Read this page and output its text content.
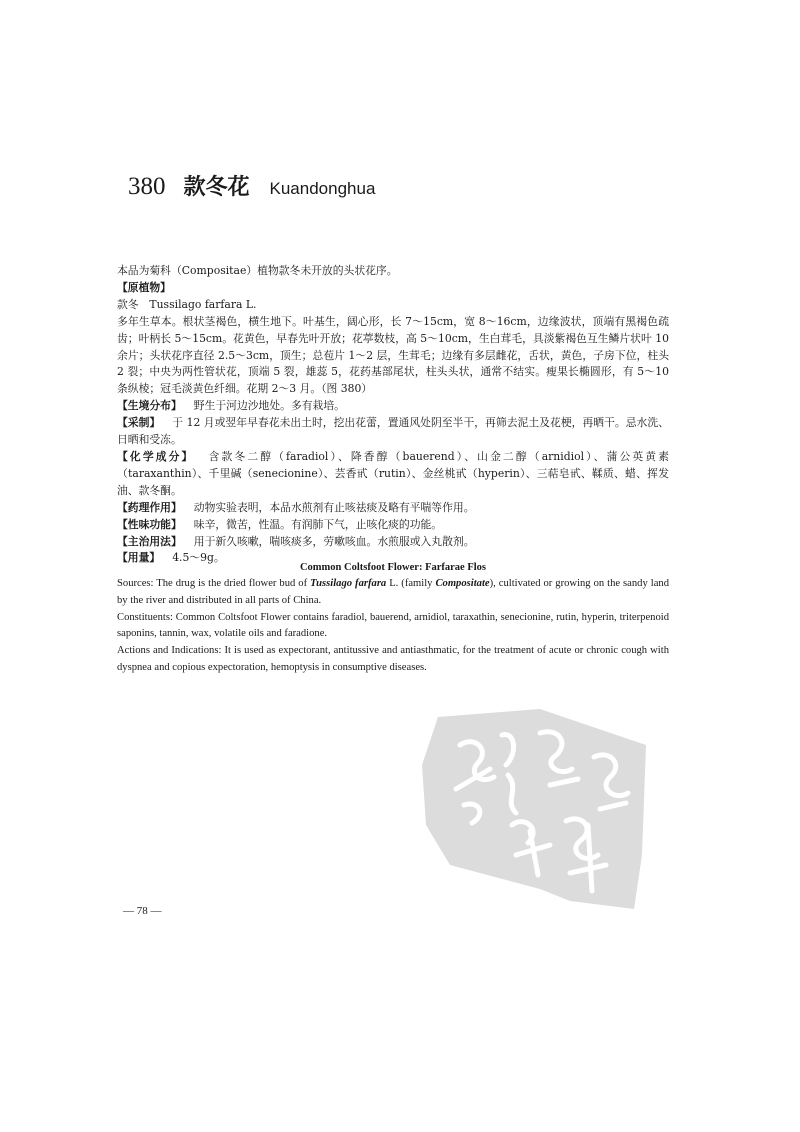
380 款冬花 Kuandonghua

本品为菊科（Compositae）植物款冬未开放的头状花序。

【原植物】

款冬　Tussilago farfara L.

多年生草本。根状茎褐色，横生地下。叶基生，阔心形，长 7～15cm，宽 8～16cm，边缘波状，顶端有黑褐色疏齿；叶柄长 5～15cm。花黄色，早春先叶开放；花葶数枝，高 5～10cm，生白茸毛，具淡紫褐色互生鳞片状叶 10 余片；头状花序直径 2.5～3cm，顶生；总苞片 1～2 层，生茸毛；边缘有多层雌花，舌状，黄色，子房下位，柱头 2 裂；中央为两性管状花，顶端 5 裂，雄蕊 5，花药基部尾状，柱头头状，通常不结实。瘦果长椭圆形，有 5～10 条纵棱；冠毛淡黄色纤细。花期 2～3 月。（图 380）

【生境分布】 野生于河边沙地处。多有栽培。

【采制】 于 12 月或翌年早春花未出土时，挖出花蕾，置通风处阴至半干，再筛去泥土及花梗，再晒干。忌水洗、日晒和受冻。

【化学成分】 含款冬二醇（faradiol）、降香醇（bauerend）、山金二醇（arnidiol）、蒲公英黄素（taraxanthin）、千里碱（senecionine）、芸香甙（rutin）、金丝桃甙（hyperin）、三萜皂甙、鞣质、蜡、挥发油、款冬酮。

【药理作用】 动物实验表明，本品水煎剂有止咳祛痰及略有平喘等作用。

【性味功能】 味辛，微苦，性温。有润肺下气，止咳化痰的功能。

【主治用法】 用于新久咳嗽，喘咳痰多，劳嗽咳血。水煎服或入丸散剂。

【用量】 4.5～9g。

Common Coltsfoot Flower: Farfarae Flos

Sources: The drug is the dried flower bud of Tussilago farfara L. (family Compositate), cultivated or growing on the sandy land by the river and distributed in all parts of China.

Constituents: Common Coltsfoot Flower contains faradiol, bauerend, arnidiol, taraxathin, senecionine, rutin, hyperin, triterpenoid saponins, tannin, wax, volatile oils and faradione.

Actions and Indications: It is used as expectorant, antitussive and antiasthmatic, for the treatment of acute or chronic cough with dyspnea and copious expectoration, hemoptysis in consumptive diseases.

— 78 —
